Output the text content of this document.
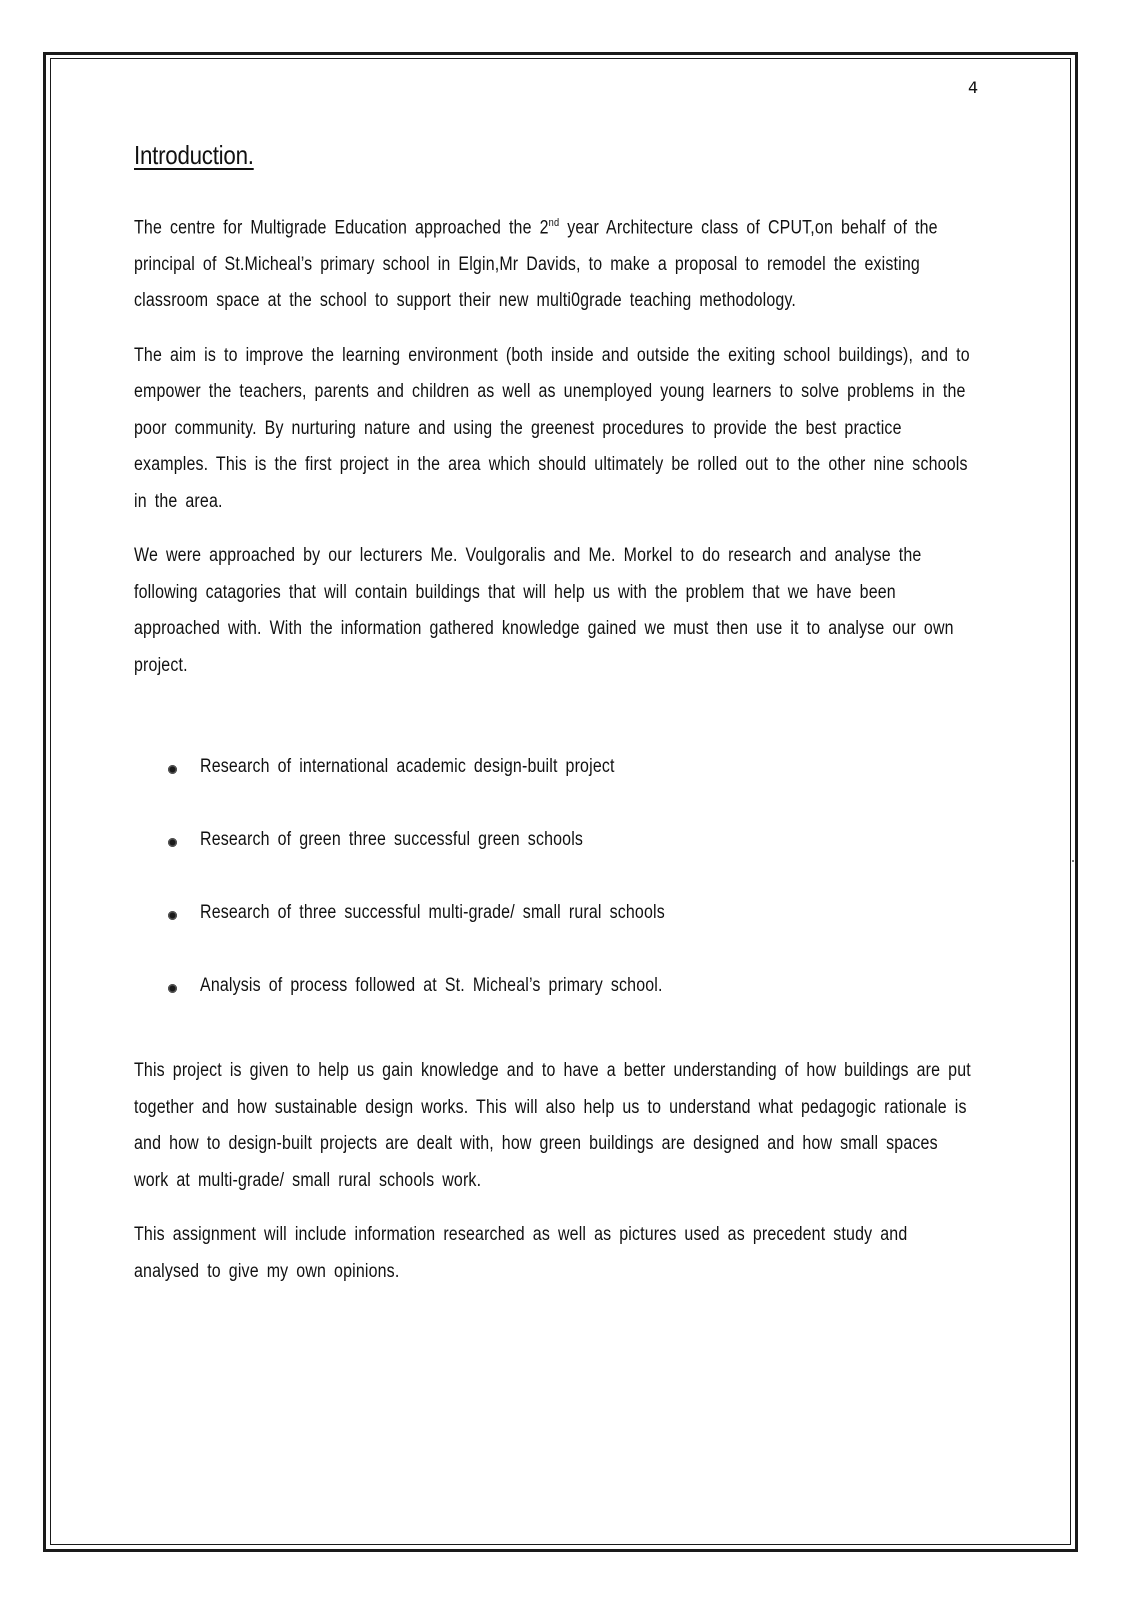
4
Introduction.

The centre for Multigrade Education approached the 2nd year Architecture class of CPUT,on behalf of the principal of St.Micheal’s primary school in Elgin,Mr Davids, to make a proposal to remodel the existing classroom space at the school to support their new multi0grade teaching methodology.

The aim is to improve the learning environment (both inside and outside the exiting school buildings), and to empower the teachers, parents and children as well as unemployed young learners to solve problems in the poor community. By nurturing nature and using the greenest procedures to provide the best practice examples. This is the first project in the area which should ultimately be rolled out to the other nine schools in the area.

We were approached by our lecturers Me. Voulgoralis and Me. Morkel to do research and analyse the following catagories that will contain buildings that will help us with the problem that we have been approached with. With the information gathered knowledge gained we must then use it to analyse our own project.

Research of international academic design-built project
Research of green three successful green schools
Research of three successful multi-grade/ small rural schools
Analysis of process followed at St. Micheal’s primary school.

This project is given to help us gain knowledge and to have a better understanding of how buildings are put together and how sustainable design works. This will also help us to understand what pedagogic rationale is and how to design-built projects are dealt with, how green buildings are designed and how small spaces work at multi-grade/ small rural schools work.

This assignment will include information researched as well as pictures used as precedent study and analysed to give my own opinions.
